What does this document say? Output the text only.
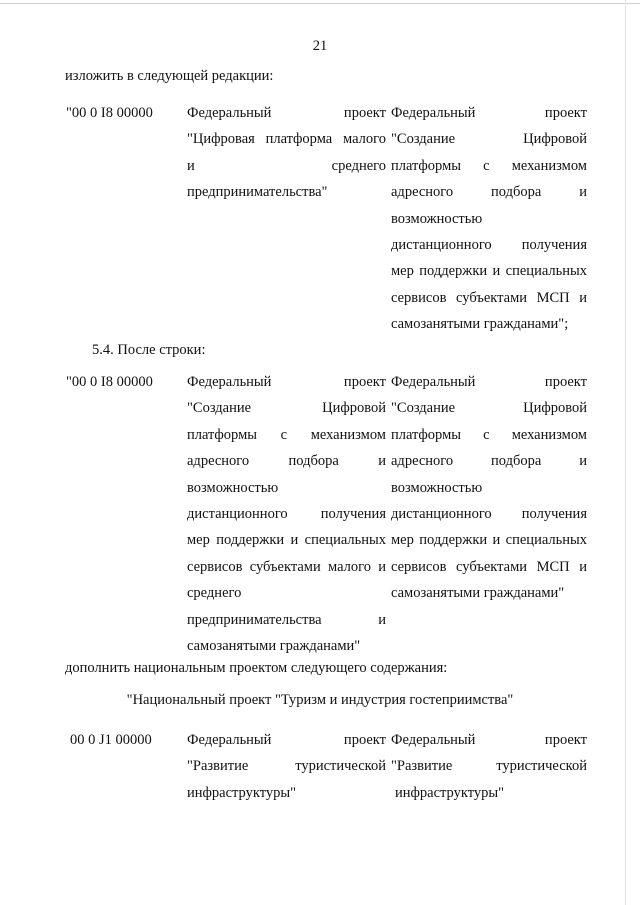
21
изложить в следующей редакции:
"00 0 I8 00000 Федеральный проект
"Цифровая платформа малого
и среднего
предпринимательства"
Федеральный проект
"Создание Цифровой
платформы с механизмом
адресного подбора и
возможностью
дистанционного получения
мер поддержки и специальных
сервисов субъектами МСП и
самозанятыми гражданами";
5.4. После строки:
"00 0 I8 00000 Федеральный проект
"Создание Цифровой
платформы с механизмом
адресного подбора и
возможностью
дистанционного получения
мер поддержки и специальных
сервисов субъектами малого и
среднего
предпринимательства и
самозанятыми гражданами"
Федеральный проект
"Создание Цифровой
платформы с механизмом
адресного подбора и
возможностью
дистанционного получения
мер поддержки и специальных
сервисов субъектами МСП и
самозанятыми гражданами"
дополнить национальным проектом следующего содержания:
"Национальный проект "Туризм и индустрия гостеприимства"
00 0 J1 00000 Федеральный проект
"Развитие туристической
инфраструктуры"
Федеральный проект
"Развитие туристической
инфраструктуры"
